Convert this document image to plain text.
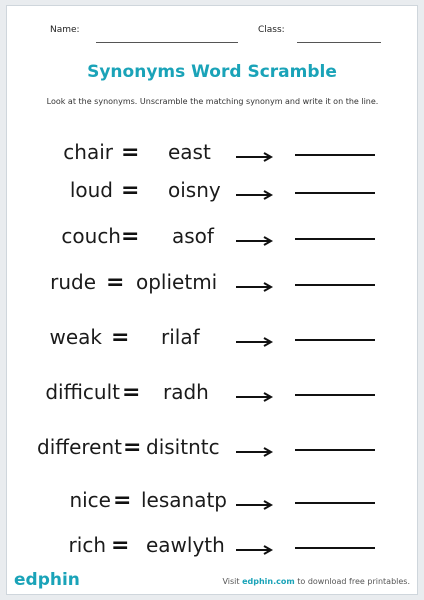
Name:	Class:
Synonyms Word Scramble
Look at the synonyms. Unscramble the matching synonym and write it on the line.
chair = east
loud = oisny
couch = asof
rude = oplietmi
weak = rilaf
difficult = radh
different = disitntc
nice = lesanatp
rich = eawlyth
edphin	Visit edphin.com to download free printables.
